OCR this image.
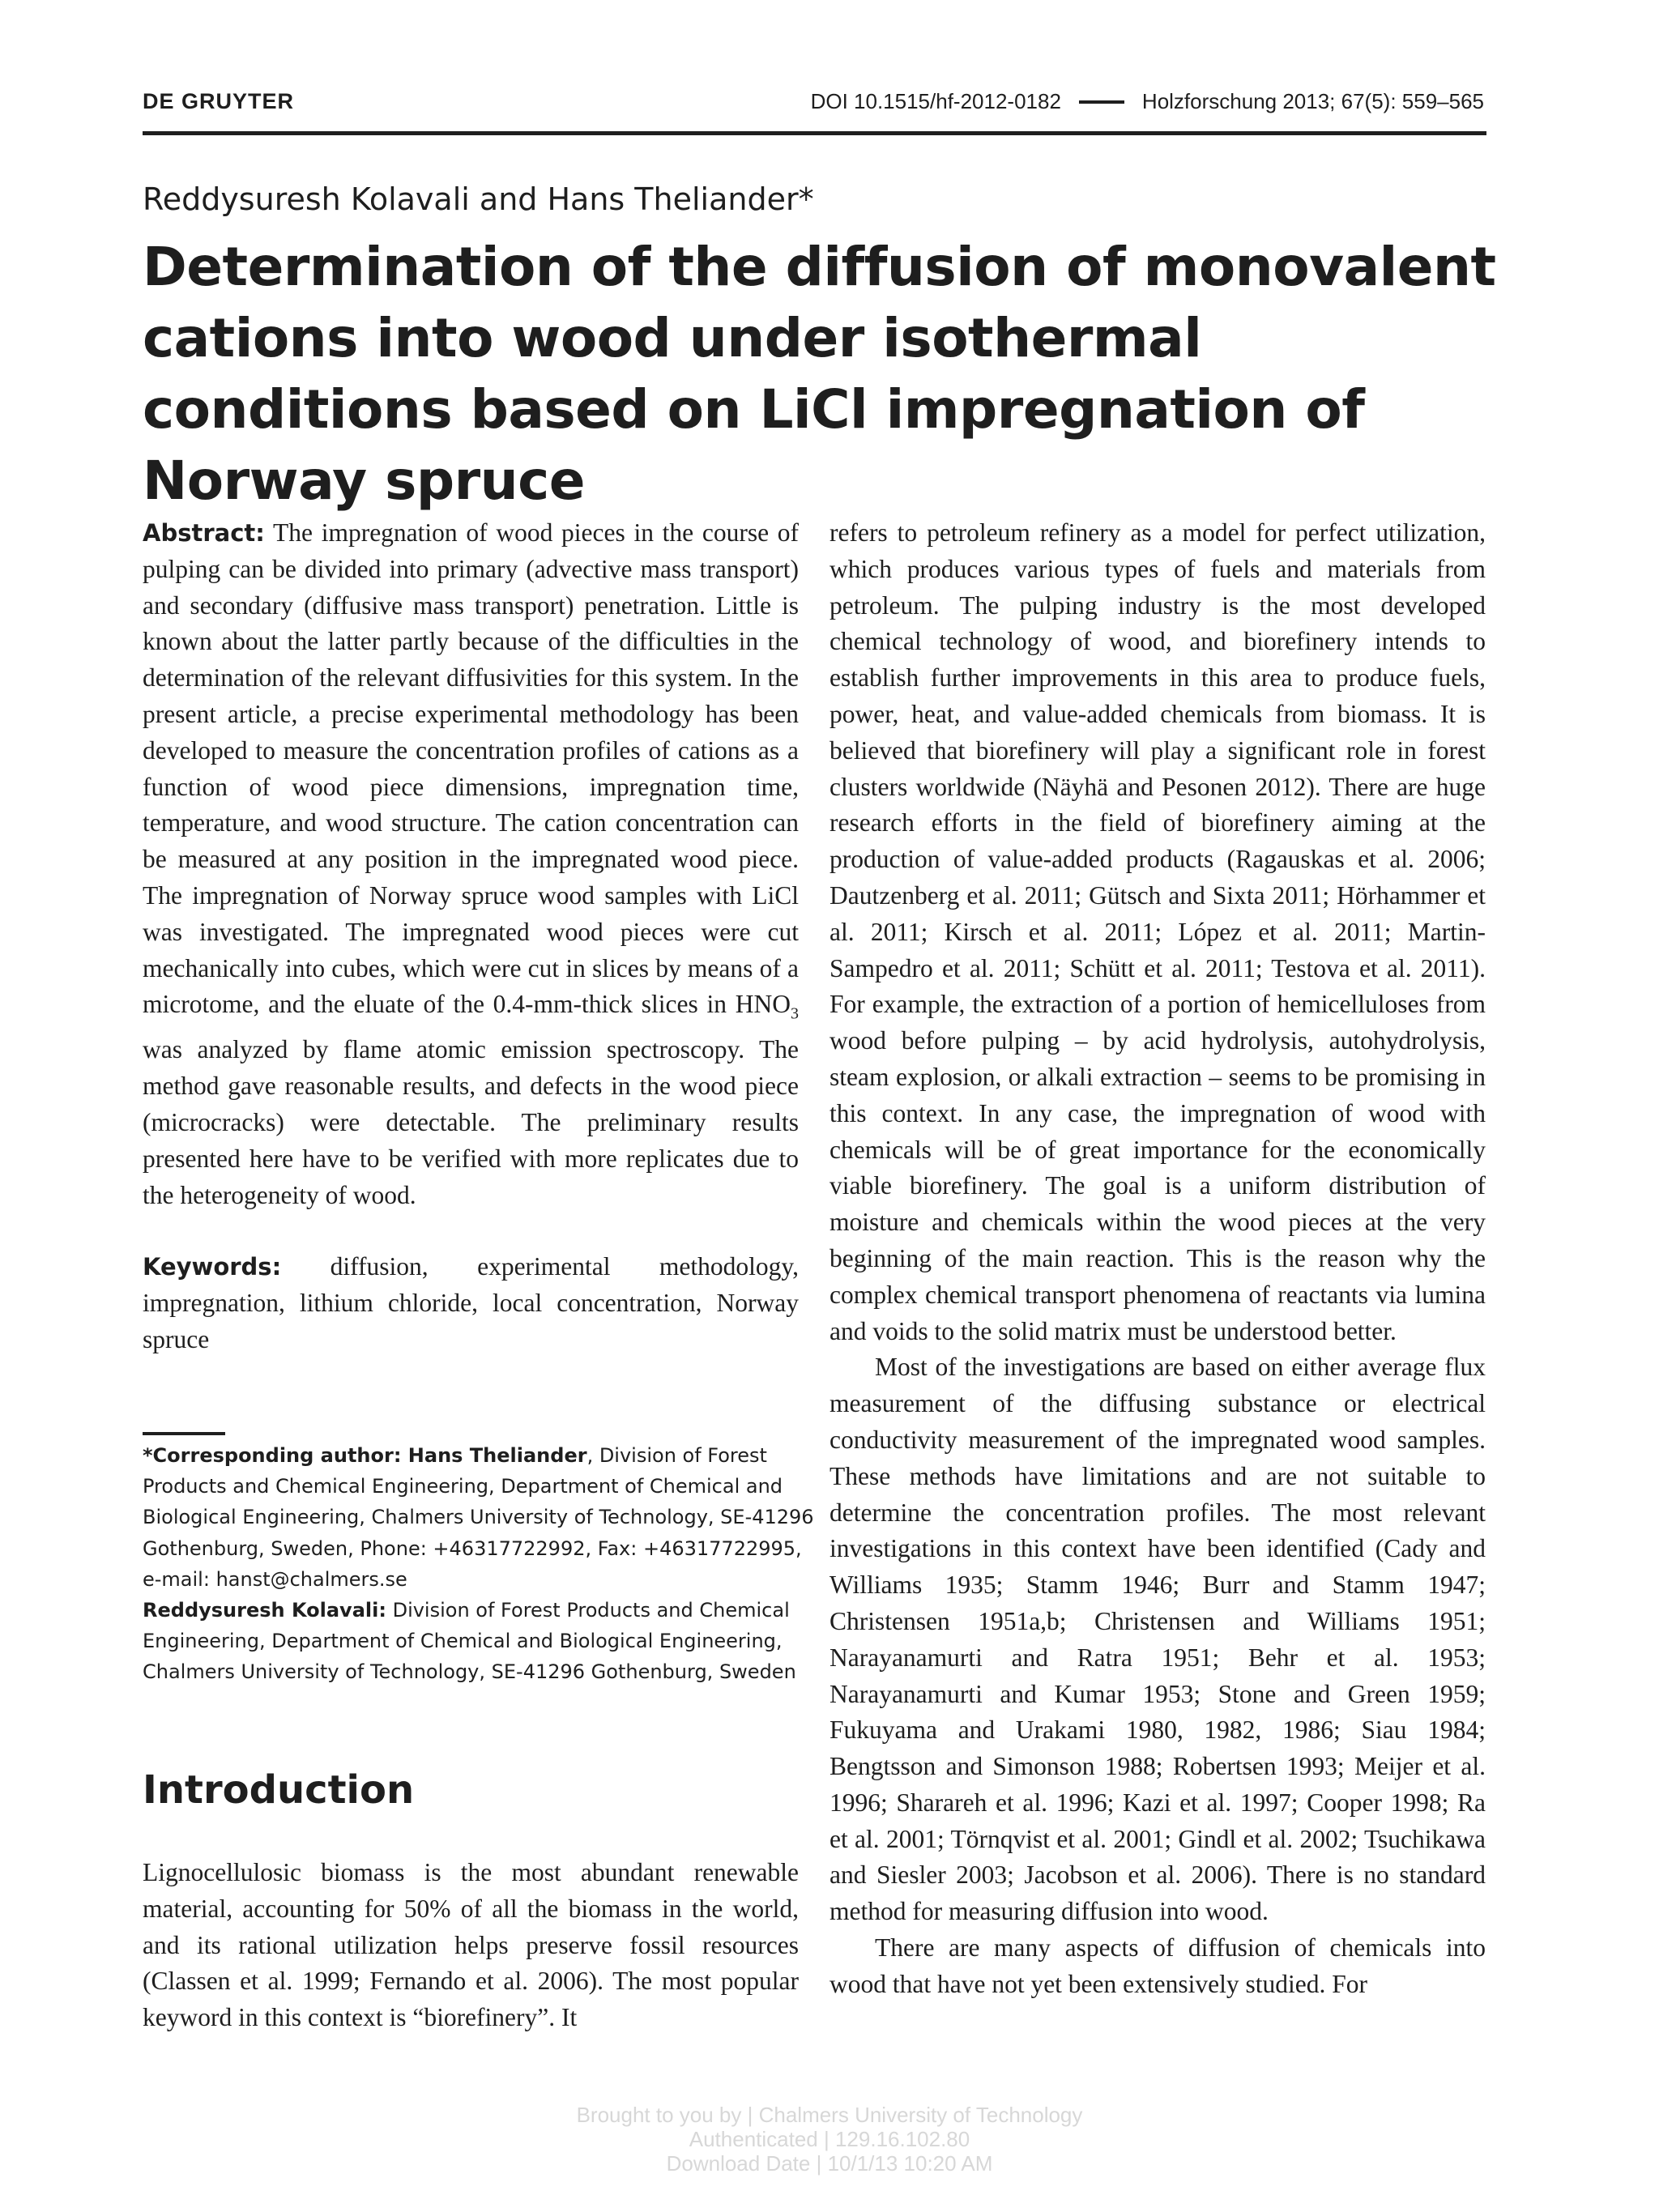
DE GRUYTER	DOI 10.1515/hf-2012-0182	Holzforschung 2013; 67(5): 559–565
Reddysuresh Kolavali and Hans Theliander*
Determination of the diffusion of monovalent cations into wood under isothermal conditions based on LiCl impregnation of Norway spruce

Abstract: The impregnation of wood pieces in the course of pulping can be divided into primary (advective mass transport) and secondary (diffusive mass transport) penetration. Little is known about the latter partly because of the difficulties in the determination of the relevant diffusivities for this system. In the present article, a precise experimental methodology has been developed to measure the concentration profiles of cations as a function of wood piece dimensions, impregnation time, temperature, and wood structure. The cation concentration can be measured at any position in the impregnated wood piece. The impregnation of Norway spruce wood samples with LiCl was investigated. The impregnated wood pieces were cut mechanically into cubes, which were cut in slices by means of a microtome, and the eluate of the 0.4-mm-thick slices in $HNO_3$ was analyzed by flame atomic emission spectroscopy. The method gave reasonable results, and defects in the wood piece (microcracks) were detectable. The preliminary results presented here have to be verified with more replicates due to the heterogeneity of wood.

Keywords: diffusion, experimental methodology, impregnation, lithium chloride, local concentration, Norway spruce

*Corresponding author: Hans Theliander, Division of Forest Products and Chemical Engineering, Department of Chemical and Biological Engineering, Chalmers University of Technology, SE-41296 Gothenburg, Sweden, Phone: +46317722992, Fax: +46317722995, e-mail: hanst@chalmers.se

Reddysuresh Kolavali: Division of Forest Products and Chemical Engineering, Department of Chemical and Biological Engineering, Chalmers University of Technology, SE-41296 Gothenburg, Sweden

Introduction

Lignocellulosic biomass is the most abundant renewable material, accounting for 50% of all the biomass in the world, and its rational utilization helps preserve fossil resources (Classen et al. 1999; Fernando et al. 2006). The most popular keyword in this context is “biorefinery”. It

refers to petroleum refinery as a model for perfect utilization, which produces various types of fuels and materials from petroleum. The pulping industry is the most developed chemical technology of wood, and biorefinery intends to establish further improvements in this area to produce fuels, power, heat, and value-added chemicals from biomass. It is believed that biorefinery will play a significant role in forest clusters worldwide (Näyhä and Pesonen 2012). There are huge research efforts in the field of biorefinery aiming at the production of value-added products (Ragauskas et al. 2006; Dautzenberg et al. 2011; Gütsch and Sixta 2011; Hörhammer et al. 2011; Kirsch et al. 2011; López et al. 2011; Martin-Sampedro et al. 2011; Schütt et al. 2011; Testova et al. 2011). For example, the extraction of a portion of hemicelluloses from wood before pulping – by acid hydrolysis, autohydrolysis, steam explosion, or alkali extraction – seems to be promising in this context. In any case, the impregnation of wood with chemicals will be of great importance for the economically viable biorefinery. The goal is a uniform distribution of moisture and chemicals within the wood pieces at the very beginning of the main reaction. This is the reason why the complex chemical transport phenomena of reactants via lumina and voids to the solid matrix must be understood better.

Most of the investigations are based on either average flux measurement of the diffusing substance or electrical conductivity measurement of the impregnated wood samples. These methods have limitations and are not suitable to determine the concentration profiles. The most relevant investigations in this context have been identified (Cady and Williams 1935; Stamm 1946; Burr and Stamm 1947; Christensen 1951a,b; Christensen and Williams 1951; Narayanamurti and Ratra 1951; Behr et al. 1953; Narayanamurti and Kumar 1953; Stone and Green 1959; Fukuyama and Urakami 1980, 1982, 1986; Siau 1984; Bengtsson and Simonson 1988; Robertsen 1993; Meijer et al. 1996; Sharareh et al. 1996; Kazi et al. 1997; Cooper 1998; Ra et al. 2001; Törnqvist et al. 2001; Gindl et al. 2002; Tsuchikawa and Siesler 2003; Jacobson et al. 2006). There is no standard method for measuring diffusion into wood.

There are many aspects of diffusion of chemicals into wood that have not yet been extensively studied. For

Brought to you by | Chalmers University of Technology
Authenticated | 129.16.102.80
Download Date | 10/1/13 10:20 AM
